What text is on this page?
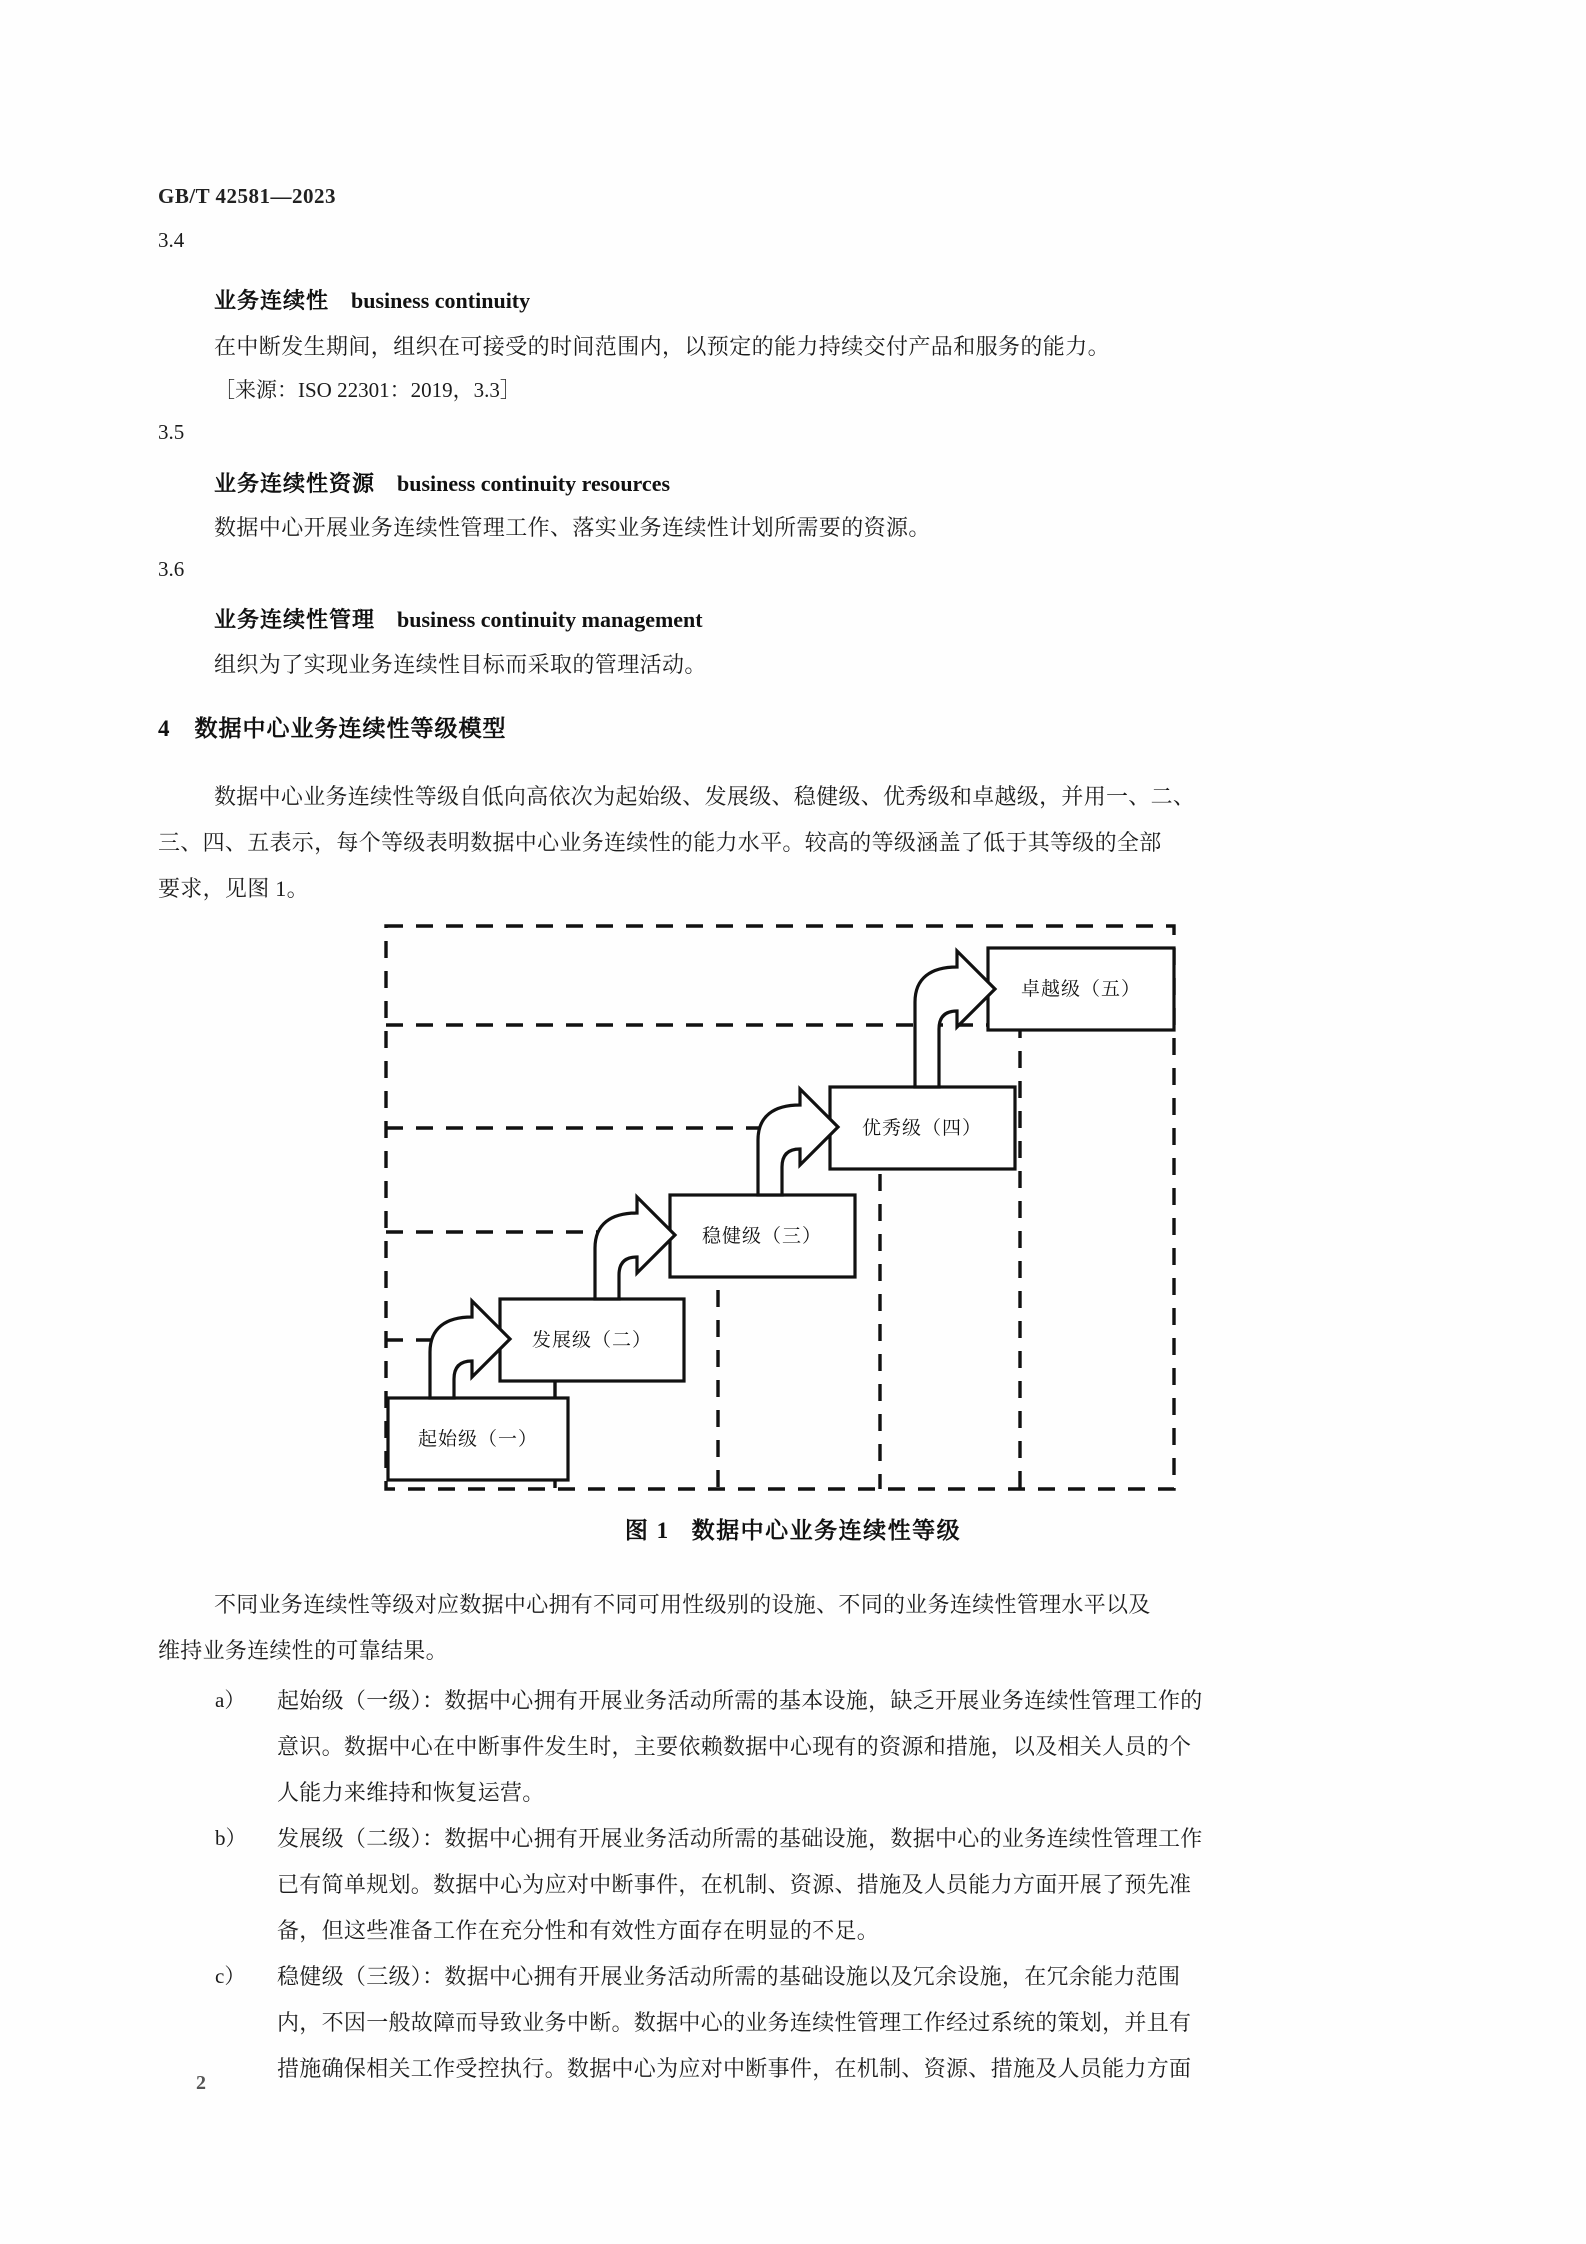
GB/T 42581—2023
3.4
业务连续性 business continuity
在中断发生期间，组织在可接受的时间范围内，以预定的能力持续交付产品和服务的能力。
［来源：ISO 22301：2019，3.3］
3.5
业务连续性资源 business continuity resources
数据中心开展业务连续性管理工作、落实业务连续性计划所需要的资源。
3.6
业务连续性管理 business continuity management
组织为了实现业务连续性目标而采取的管理活动。
4 数据中心业务连续性等级模型
数据中心业务连续性等级自低向高依次为起始级、发展级、稳健级、优秀级和卓越级，并用一、二、
三、四、五表示，每个等级表明数据中心业务连续性的能力水平。较高的等级涵盖了低于其等级的全部
要求，见图 1。
起始级（一）
发展级（二）
稳健级（三）
优秀级（四）
卓越级（五）
图 1 数据中心业务连续性等级
不同业务连续性等级对应数据中心拥有不同可用性级别的设施、不同的业务连续性管理水平以及
维持业务连续性的可靠结果。
a） 起始级（一级）：数据中心拥有开展业务活动所需的基本设施，缺乏开展业务连续性管理工作的
意识。数据中心在中断事件发生时，主要依赖数据中心现有的资源和措施，以及相关人员的个
人能力来维持和恢复运营。
b） 发展级（二级）：数据中心拥有开展业务活动所需的基础设施，数据中心的业务连续性管理工作
已有简单规划。数据中心为应对中断事件，在机制、资源、措施及人员能力方面开展了预先准
备，但这些准备工作在充分性和有效性方面存在明显的不足。
c） 稳健级（三级）：数据中心拥有开展业务活动所需的基础设施以及冗余设施，在冗余能力范围
内，不因一般故障而导致业务中断。数据中心的业务连续性管理工作经过系统的策划，并且有
措施确保相关工作受控执行。数据中心为应对中断事件，在机制、资源、措施及人员能力方面
2
